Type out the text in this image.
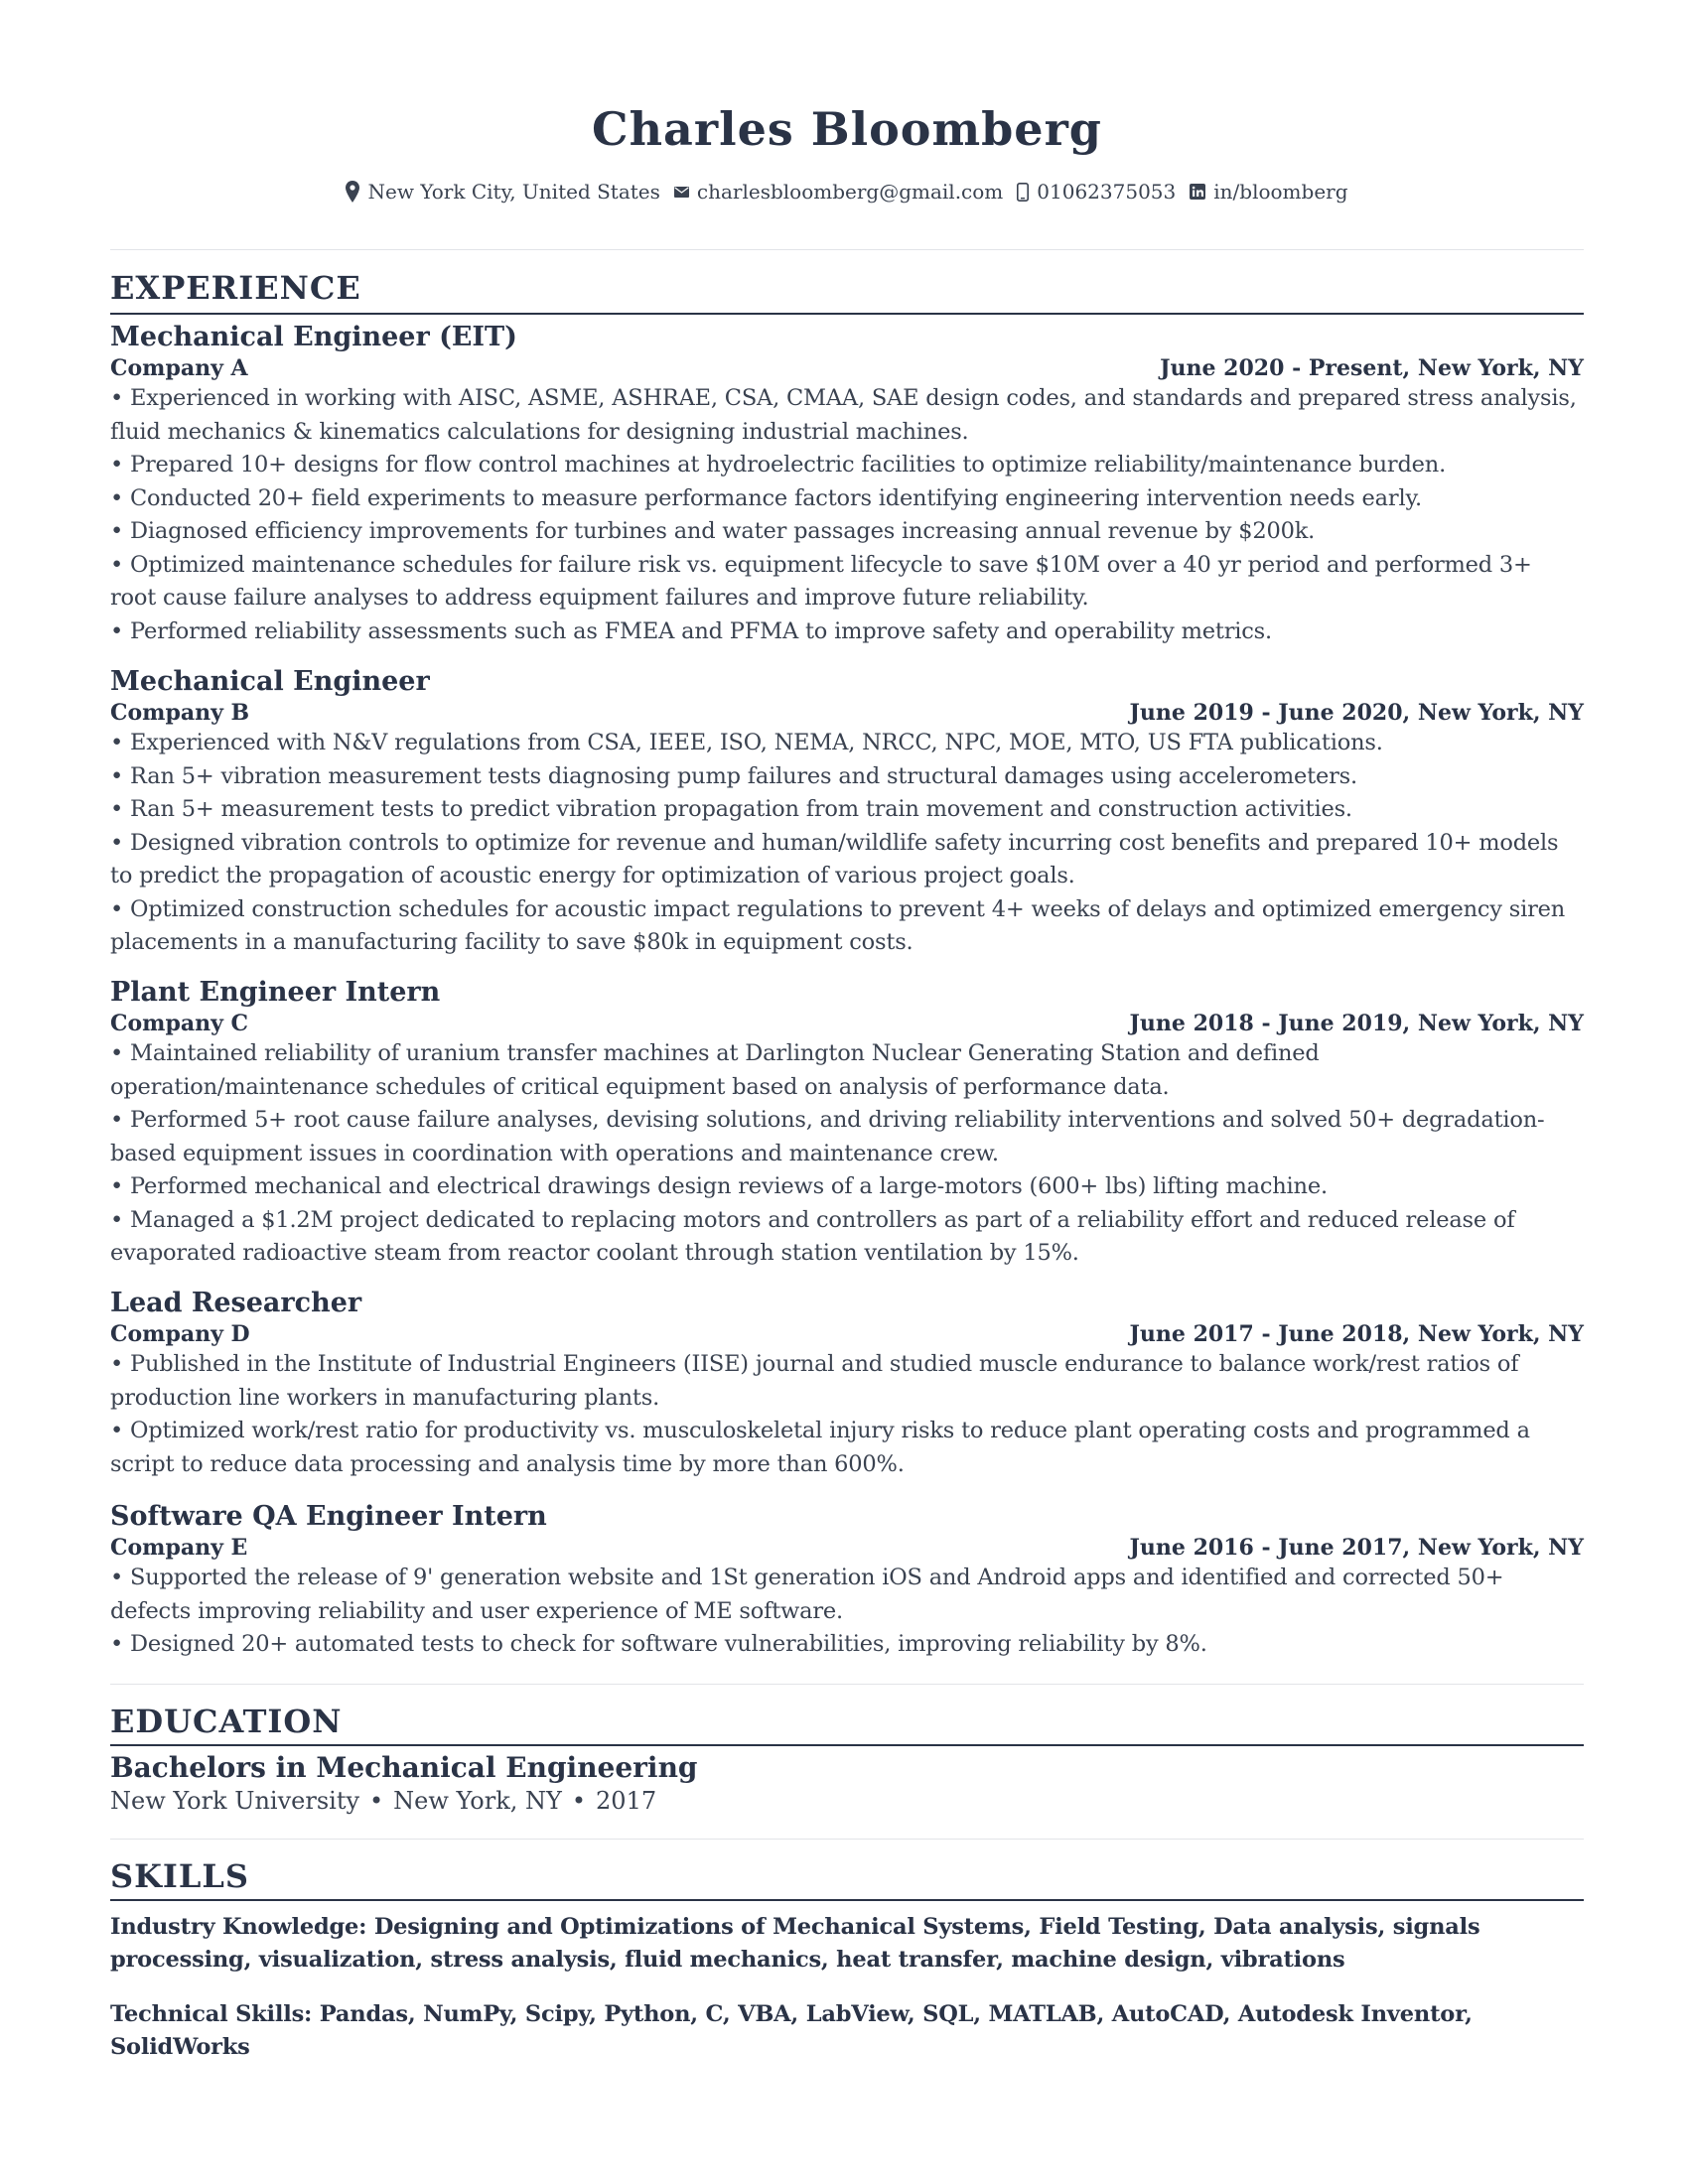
Charles Bloomberg
New York City, United States charlesbloomberg@gmail.com 01062375053 in/bloomberg
EXPERIENCE
Mechanical Engineer (EIT)
Company A	June 2020 - Present, New York, NY
• Experienced in working with AISC, ASME, ASHRAE, CSA, CMAA, SAE design codes, and standards and prepared stress analysis, fluid mechanics & kinematics calculations for designing industrial machines.
• Prepared 10+ designs for flow control machines at hydroelectric facilities to optimize reliability/maintenance burden.
• Conducted 20+ field experiments to measure performance factors identifying engineering intervention needs early.
• Diagnosed efficiency improvements for turbines and water passages increasing annual revenue by $200k.
• Optimized maintenance schedules for failure risk vs. equipment lifecycle to save $10M over a 40 yr period and performed 3+ root cause failure analyses to address equipment failures and improve future reliability.
• Performed reliability assessments such as FMEA and PFMA to improve safety and operability metrics.
Mechanical Engineer
Company B	June 2019 - June 2020, New York, NY
• Experienced with N&V regulations from CSA, IEEE, ISO, NEMA, NRCC, NPC, MOE, MTO, US FTA publications.
• Ran 5+ vibration measurement tests diagnosing pump failures and structural damages using accelerometers.
• Ran 5+ measurement tests to predict vibration propagation from train movement and construction activities.
• Designed vibration controls to optimize for revenue and human/wildlife safety incurring cost benefits and prepared 10+ models to predict the propagation of acoustic energy for optimization of various project goals.
• Optimized construction schedules for acoustic impact regulations to prevent 4+ weeks of delays and optimized emergency siren placements in a manufacturing facility to save $80k in equipment costs.
Plant Engineer Intern
Company C	June 2018 - June 2019, New York, NY
• Maintained reliability of uranium transfer machines at Darlington Nuclear Generating Station and defined operation/maintenance schedules of critical equipment based on analysis of performance data.
• Performed 5+ root cause failure analyses, devising solutions, and driving reliability interventions and solved 50+ degradation-based equipment issues in coordination with operations and maintenance crew.
• Performed mechanical and electrical drawings design reviews of a large-motors (600+ lbs) lifting machine.
• Managed a $1.2M project dedicated to replacing motors and controllers as part of a reliability effort and reduced release of evaporated radioactive steam from reactor coolant through station ventilation by 15%.
Lead Researcher
Company D	June 2017 - June 2018, New York, NY
• Published in the Institute of Industrial Engineers (IISE) journal and studied muscle endurance to balance work/rest ratios of production line workers in manufacturing plants.
• Optimized work/rest ratio for productivity vs. musculoskeletal injury risks to reduce plant operating costs and programmed a script to reduce data processing and analysis time by more than 600%.
Software QA Engineer Intern
Company E	June 2016 - June 2017, New York, NY
• Supported the release of 9' generation website and 1St generation iOS and Android apps and identified and corrected 50+ defects improving reliability and user experience of ME software.
• Designed 20+ automated tests to check for software vulnerabilities, improving reliability by 8%.
EDUCATION
Bachelors in Mechanical Engineering
New York University • New York, NY • 2017
SKILLS
Industry Knowledge: Designing and Optimizations of Mechanical Systems, Field Testing, Data analysis, signals processing, visualization, stress analysis, fluid mechanics, heat transfer, machine design, vibrations
Technical Skills: Pandas, NumPy, Scipy, Python, C, VBA, LabView, SQL, MATLAB, AutoCAD, Autodesk Inventor, SolidWorks
